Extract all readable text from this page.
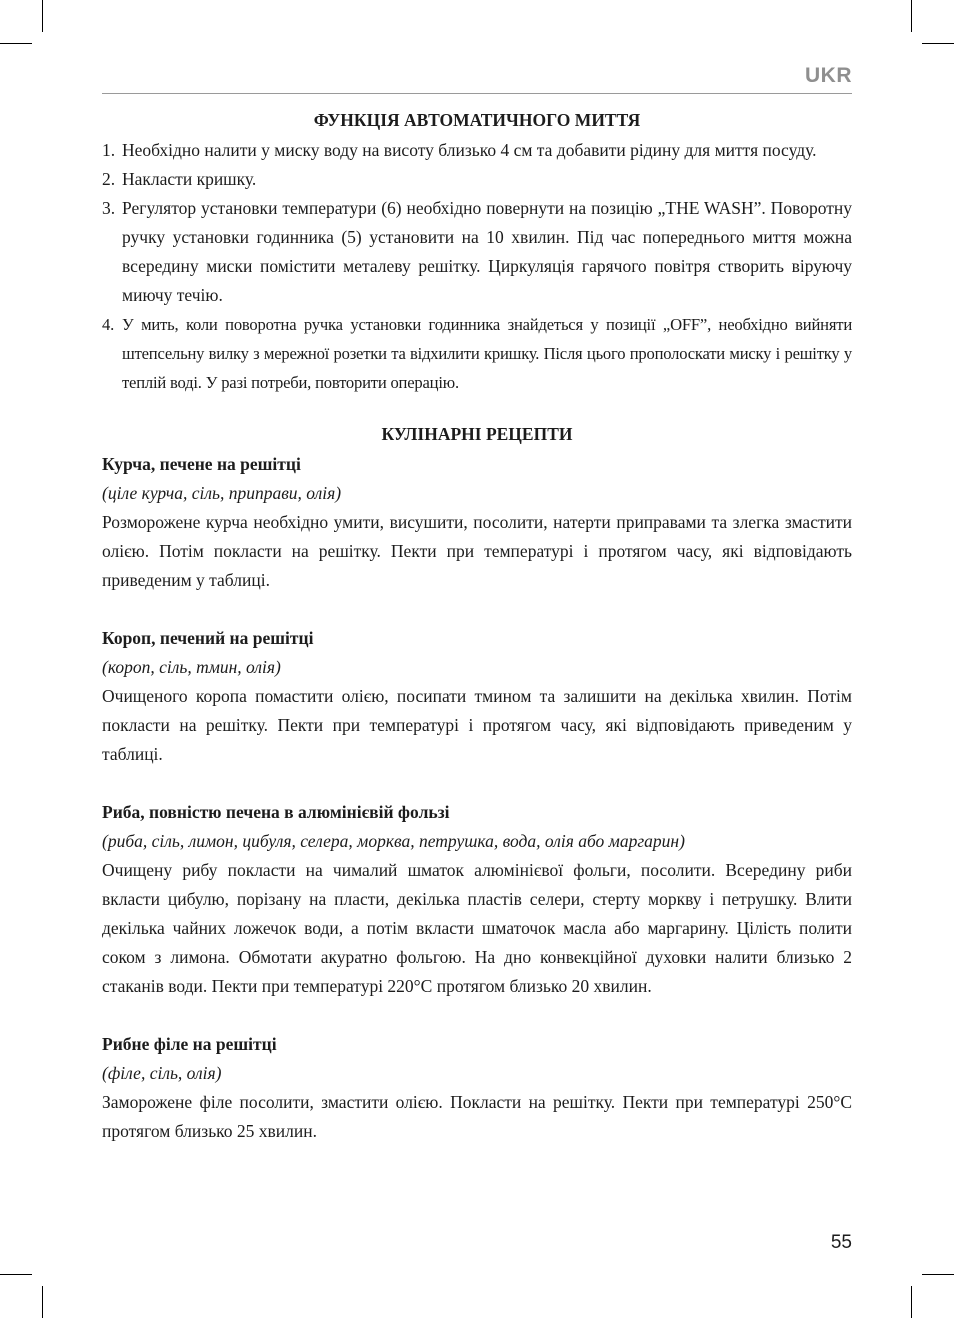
UKR
ФУНКЦІЯ АВТОМАТИЧНОГО МИТТЯ
1. Необхідно налити у миску воду на висоту близько 4 см та добавити рідину для миття посуду.
2. Накласти кришку.
3. Регулятор установки температури (6) необхідно повернути на позицію „THE WASH”. Поворотну ручку установки годинника (5) установити на 10 хвилин. Під час попереднього миття можна всередину миски помістити металеву решітку. Циркуляція гарячого повітря створить віруючу миючу течію.
4. У мить, коли поворотна ручка установки годинника знайдеться у позиції „OFF”, необхідно вийняти штепсельну вилку з мережної розетки та відхилити кришку. Після цього прополоскати миску і решітку у теплій воді. У разі потреби, повторити операцію.
КУЛІНАРНІ РЕЦЕПТИ
Курча, печене на решітці
(ціле курча, сіль, приправи, олія)
Розморожене курча необхідно умити, висушити, посолити, натерти приправами та злегка змастити олією. Потім покласти на решітку. Пекти при температурі і протягом часу, які відповідають приведеним у таблиці.
Короп, печений на решітці
(короп, сіль, тмин, олія)
Очищеного коропа помастити олією, посипати тмином та залишити на декілька хвилин. Потім покласти на решітку. Пекти при температурі і протягом часу, які відповідають приведеним у таблиці.
Риба, повністю печена в алюмінієвій фользі
(риба, сіль, лимон, цибуля, селера, морква, петрушка, вода, олія або маргарин)
Очищену рибу покласти на чималий шматок алюмінієвої фольги, посолити. Всередину риби вкласти цибулю, порізану на пласти, декілька пластів селери, стерту моркву і петрушку. Влити декілька чайних ложечок води, а потім вкласти шматочок масла або маргарину. Цілість полити соком з лимона. Обмотати акуратно фольгою. На дно конвекційної духовки налити близько 2 стаканів води. Пекти при температурі 220°C протягом близько 20 хвилин.
Рибне філе на решітці
(філе, сіль, олія)
Заморожене філе посолити, змастити олією. Покласти на решітку. Пекти при температурі 250°C протягом близько 25 хвилин.
55
